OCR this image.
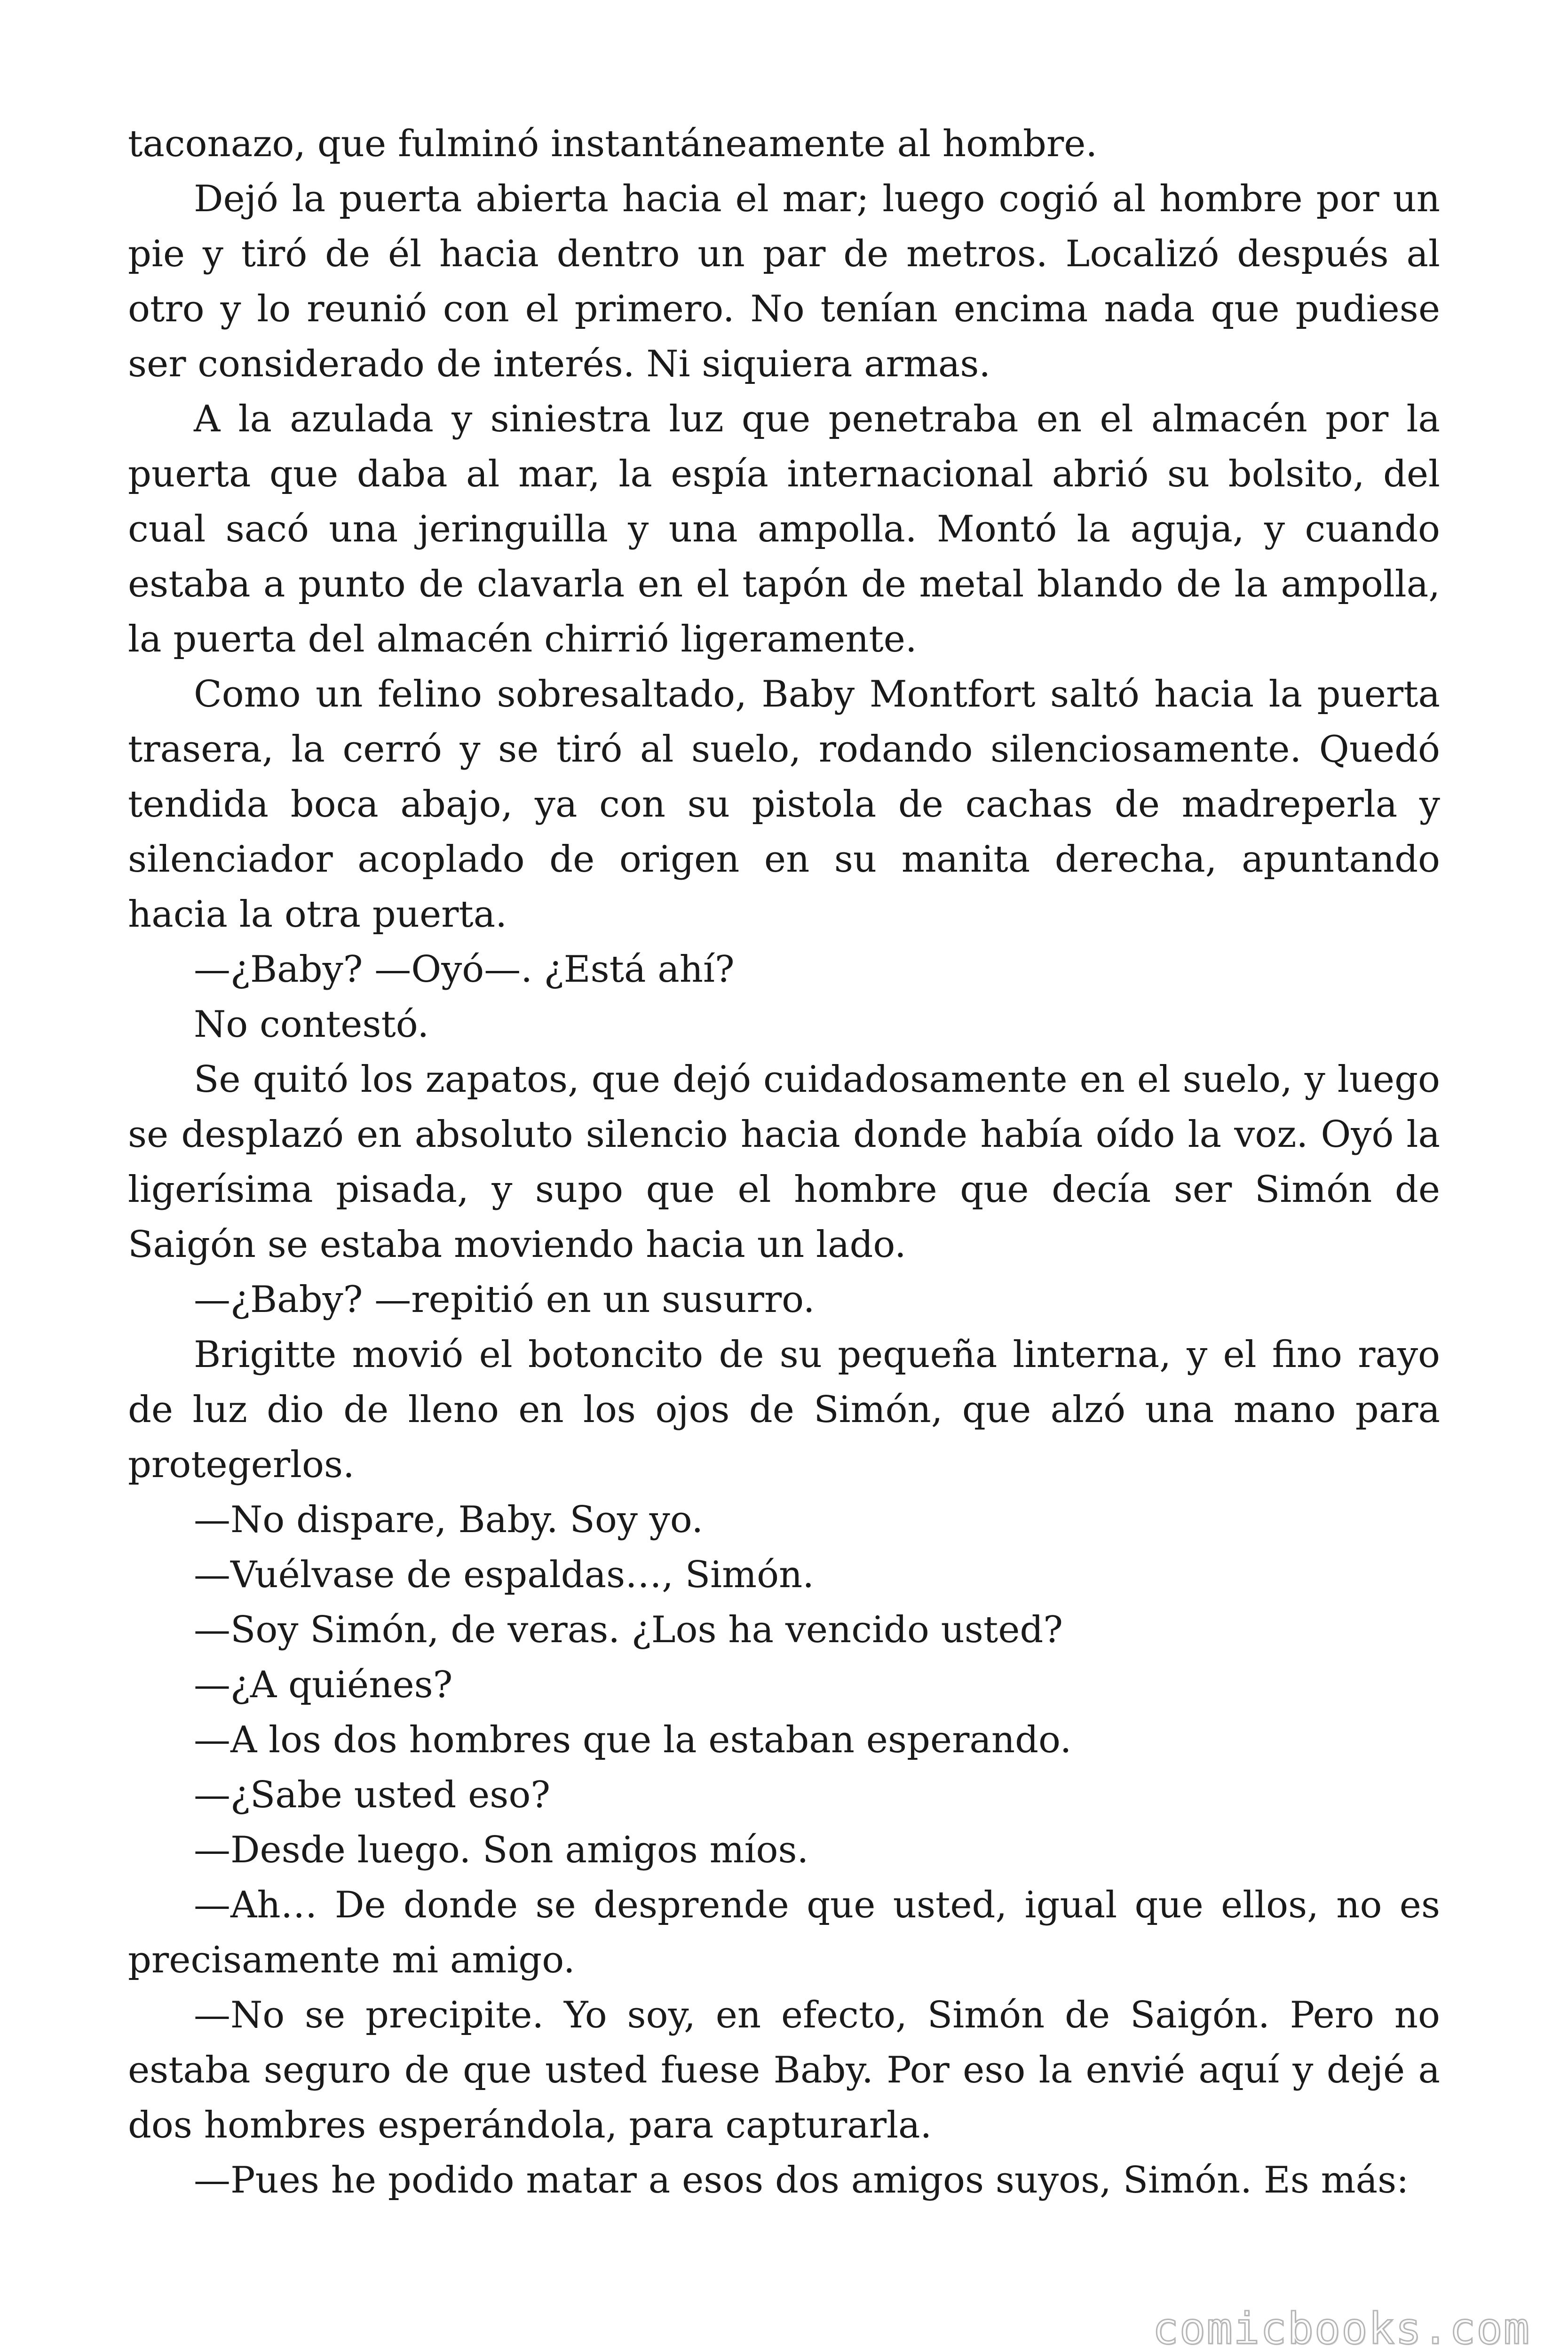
taconazo, que fulminó instantáneamente al hombre.

Dejó la puerta abierta hacia el mar; luego cogió al hombre por un pie y tiró de él hacia dentro un par de metros. Localizó después al otro y lo reunió con el primero. No tenían encima nada que pudiese ser considerado de interés. Ni siquiera armas.

A la azulada y siniestra luz que penetraba en el almacén por la puerta que daba al mar, la espía internacional abrió su bolsito, del cual sacó una jeringuilla y una ampolla. Montó la aguja, y cuando estaba a punto de clavarla en el tapón de metal blando de la ampolla, la puerta del almacén chirrió ligeramente.

Como un felino sobresaltado, Baby Montfort saltó hacia la puerta trasera, la cerró y se tiró al suelo, rodando silenciosamente. Quedó tendida boca abajo, ya con su pistola de cachas de madreperla y silenciador acoplado de origen en su manita derecha, apuntando hacia la otra puerta.

—¿Baby? —Oyó—. ¿Está ahí?

No contestó.

Se quitó los zapatos, que dejó cuidadosamente en el suelo, y luego se desplazó en absoluto silencio hacia donde había oído la voz. Oyó la ligerísima pisada, y supo que el hombre que decía ser Simón de Saigón se estaba moviendo hacia un lado.

—¿Baby? —repitió en un susurro.

Brigitte movió el botoncito de su pequeña linterna, y el fino rayo de luz dio de lleno en los ojos de Simón, que alzó una mano para protegerlos.

—No dispare, Baby. Soy yo.

—Vuélvase de espaldas…, Simón.

—Soy Simón, de veras. ¿Los ha vencido usted?

—¿A quiénes?

—A los dos hombres que la estaban esperando.

—¿Sabe usted eso?

—Desde luego. Son amigos míos.

—Ah… De donde se desprende que usted, igual que ellos, no es precisamente mi amigo.

—No se precipite. Yo soy, en efecto, Simón de Saigón. Pero no estaba seguro de que usted fuese Baby. Por eso la envié aquí y dejé a dos hombres esperándola, para capturarla.

—Pues he podido matar a esos dos amigos suyos, Simón. Es más:

comicbooks.com
